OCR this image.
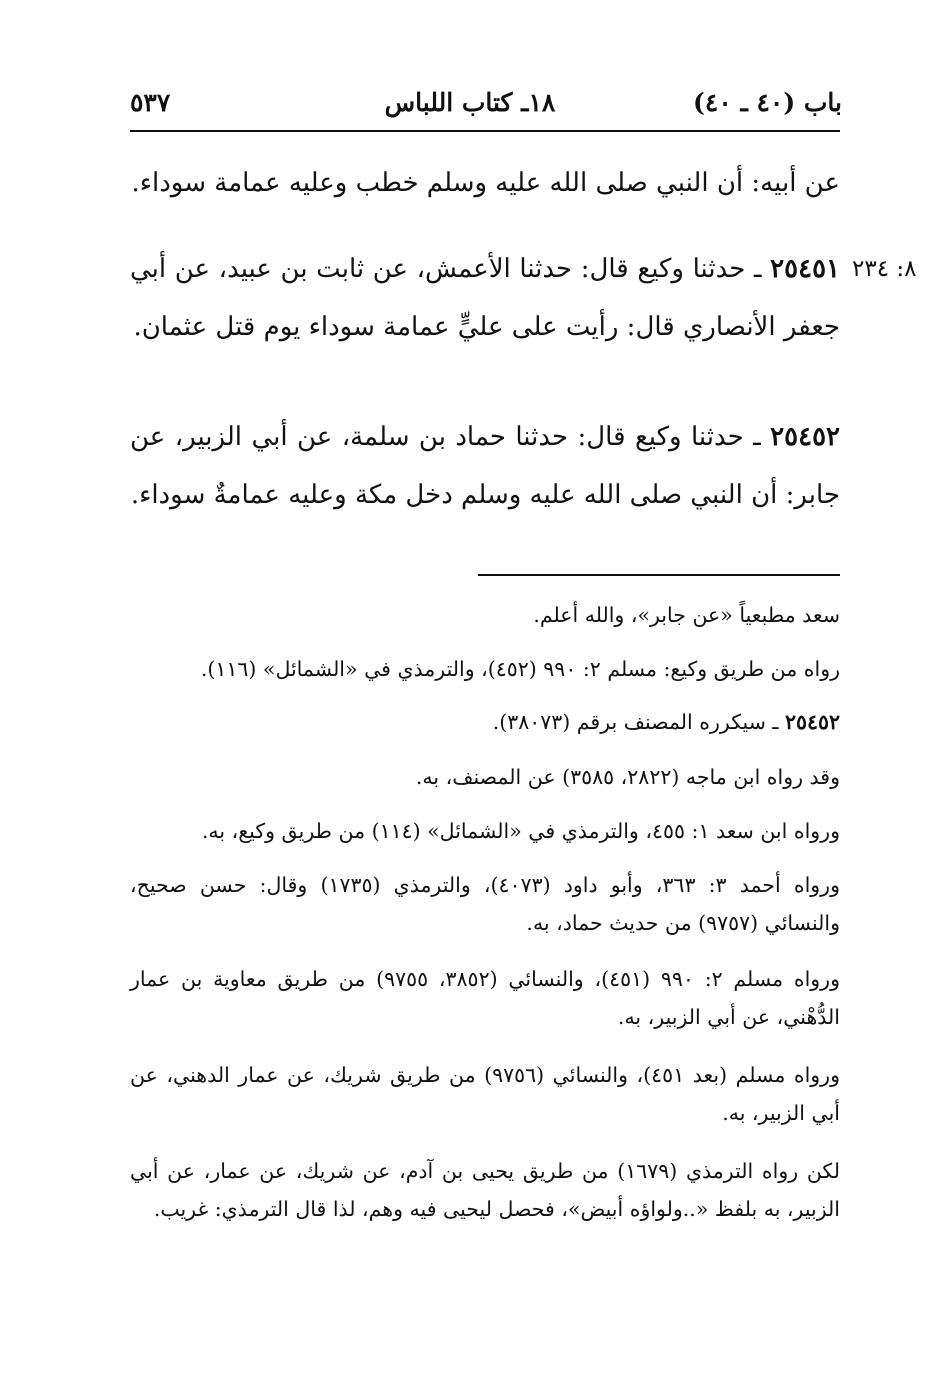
باب (٤٠ ـ ٤٠)
١٨ـ كتاب اللباس
٥٣٧
عن أبيه: أن النبي صلى الله عليه وسلم خطب وعليه عمامة سوداء.
٢٥٤٥١ ـ حدثنا وكيع قال: حدثنا الأعمش، عن ثابت بن عبيد، عن أبي جعفر الأنصاري قال: رأيت على عليٍّ عمامة سوداء يوم قتل عثمان.
٨: ٢٣٤
٢٥٤٥٢ ـ حدثنا وكيع قال: حدثنا حماد بن سلمة، عن أبي الزبير، عن جابر: أن النبي صلى الله عليه وسلم دخل مكة وعليه عمامةٌ سوداء.
سعد مطبعياً «عن جابر»، والله أعلم.
رواه من طريق وكيع: مسلم ٢: ٩٩٠ (٤٥٢)، والترمذي في «الشمائل» (١١٦).
٢٥٤٥٢ ـ سيكرره المصنف برقم (٣٨٠٧٣).
وقد رواه ابن ماجه (٢٨٢٢، ٣٥٨٥) عن المصنف، به.
ورواه ابن سعد ١: ٤٥٥، والترمذي في «الشمائل» (١١٤) من طريق وكيع، به.
ورواه أحمد ٣: ٣٦٣، وأبو داود (٤٠٧٣)، والترمذي (١٧٣٥) وقال: حسن صحيح، والنسائي (٩٧٥٧) من حديث حماد، به.
ورواه مسلم ٢: ٩٩٠ (٤٥١)، والنسائي (٣٨٥٢، ٩٧٥٥) من طريق معاوية بن عمار الدُّهْني، عن أبي الزبير، به.
ورواه مسلم (بعد ٤٥١)، والنسائي (٩٧٥٦) من طريق شريك، عن عمار الدهني، عن أبي الزبير، به.
لكن رواه الترمذي (١٦٧٩) من طريق يحيى بن آدم، عن شريك، عن عمار، عن أبي الزبير، به بلفظ «..ولواؤه أبيض»، فحصل ليحيى فيه وهم، لذا قال الترمذي: غريب.
